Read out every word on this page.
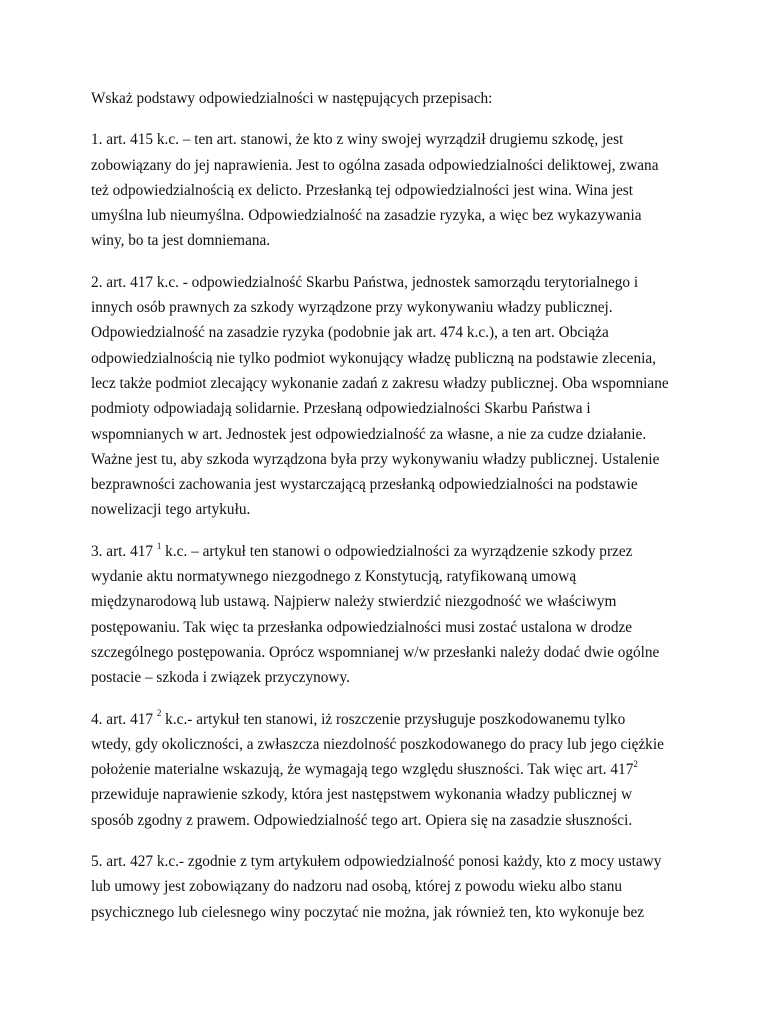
Wskaż podstawy odpowiedzialności w następujących przepisach:

1. art. 415 k.c. – ten art. stanowi, że kto z winy swojej wyrządził drugiemu szkodę, jest

zobowiązany do jej naprawienia. Jest to ogólna zasada odpowiedzialności deliktowej, zwana

też odpowiedzialnością ex delicto. Przesłanką tej odpowiedzialności jest wina. Wina jest

umyślna lub nieumyślna. Odpowiedzialność na zasadzie ryzyka, a więc bez wykazywania

winy, bo ta jest domniemana.

2. art. 417 k.c. - odpowiedzialność Skarbu Państwa, jednostek samorządu terytorialnego i

innych osób prawnych za szkody wyrządzone przy wykonywaniu władzy publicznej.

Odpowiedzialność na zasadzie ryzyka (podobnie jak art. 474 k.c.), a ten art. Obciąża

odpowiedzialnością nie tylko podmiot wykonujący władzę publiczną na podstawie zlecenia,

lecz także podmiot zlecający wykonanie zadań z zakresu władzy publicznej. Oba wspomniane

podmioty odpowiadają solidarnie. Przesłaną odpowiedzialności Skarbu Państwa i

wspomnianych w art. Jednostek jest odpowiedzialność za własne, a nie za cudze działanie.

Ważne jest tu, aby szkoda wyrządzona była przy wykonywaniu władzy publicznej. Ustalenie

bezprawności zachowania jest wystarczającą przesłanką odpowiedzialności na podstawie

nowelizacji tego artykułu.

3. art. 417 $^1$ k.c. – artykuł ten stanowi o odpowiedzialności za wyrządzenie szkody przez

wydanie aktu normatywnego niezgodnego z Konstytucją, ratyfikowaną umową

międzynarodową lub ustawą. Najpierw należy stwierdzić niezgodność we właściwym

postępowaniu. Tak więc ta przesłanka odpowiedzialności musi zostać ustalona w drodze

szczególnego postępowania. Oprócz wspomnianej w/w przesłanki należy dodać dwie ogólne

postacie – szkoda i związek przyczynowy.

4. art. 417 $^2$ k.c.- artykuł ten stanowi, iż roszczenie przysługuje poszkodowanemu tylko

wtedy, gdy okoliczności, a zwłaszcza niezdolność poszkodowanego do pracy lub jego ciężkie

położenie materialne wskazują, że wymagają tego względu słuszności. Tak więc art. $417^2$

przewiduje naprawienie szkody, która jest następstwem wykonania władzy publicznej w

sposób zgodny z prawem. Odpowiedzialność tego art. Opiera się na zasadzie słuszności.

5. art. 427 k.c.- zgodnie z tym artykułem odpowiedzialność ponosi każdy, kto z mocy ustawy

lub umowy jest zobowiązany do nadzoru nad osobą, której z powodu wieku albo stanu

psychicznego lub cielesnego winy poczytać nie można, jak również ten, kto wykonuje bez
